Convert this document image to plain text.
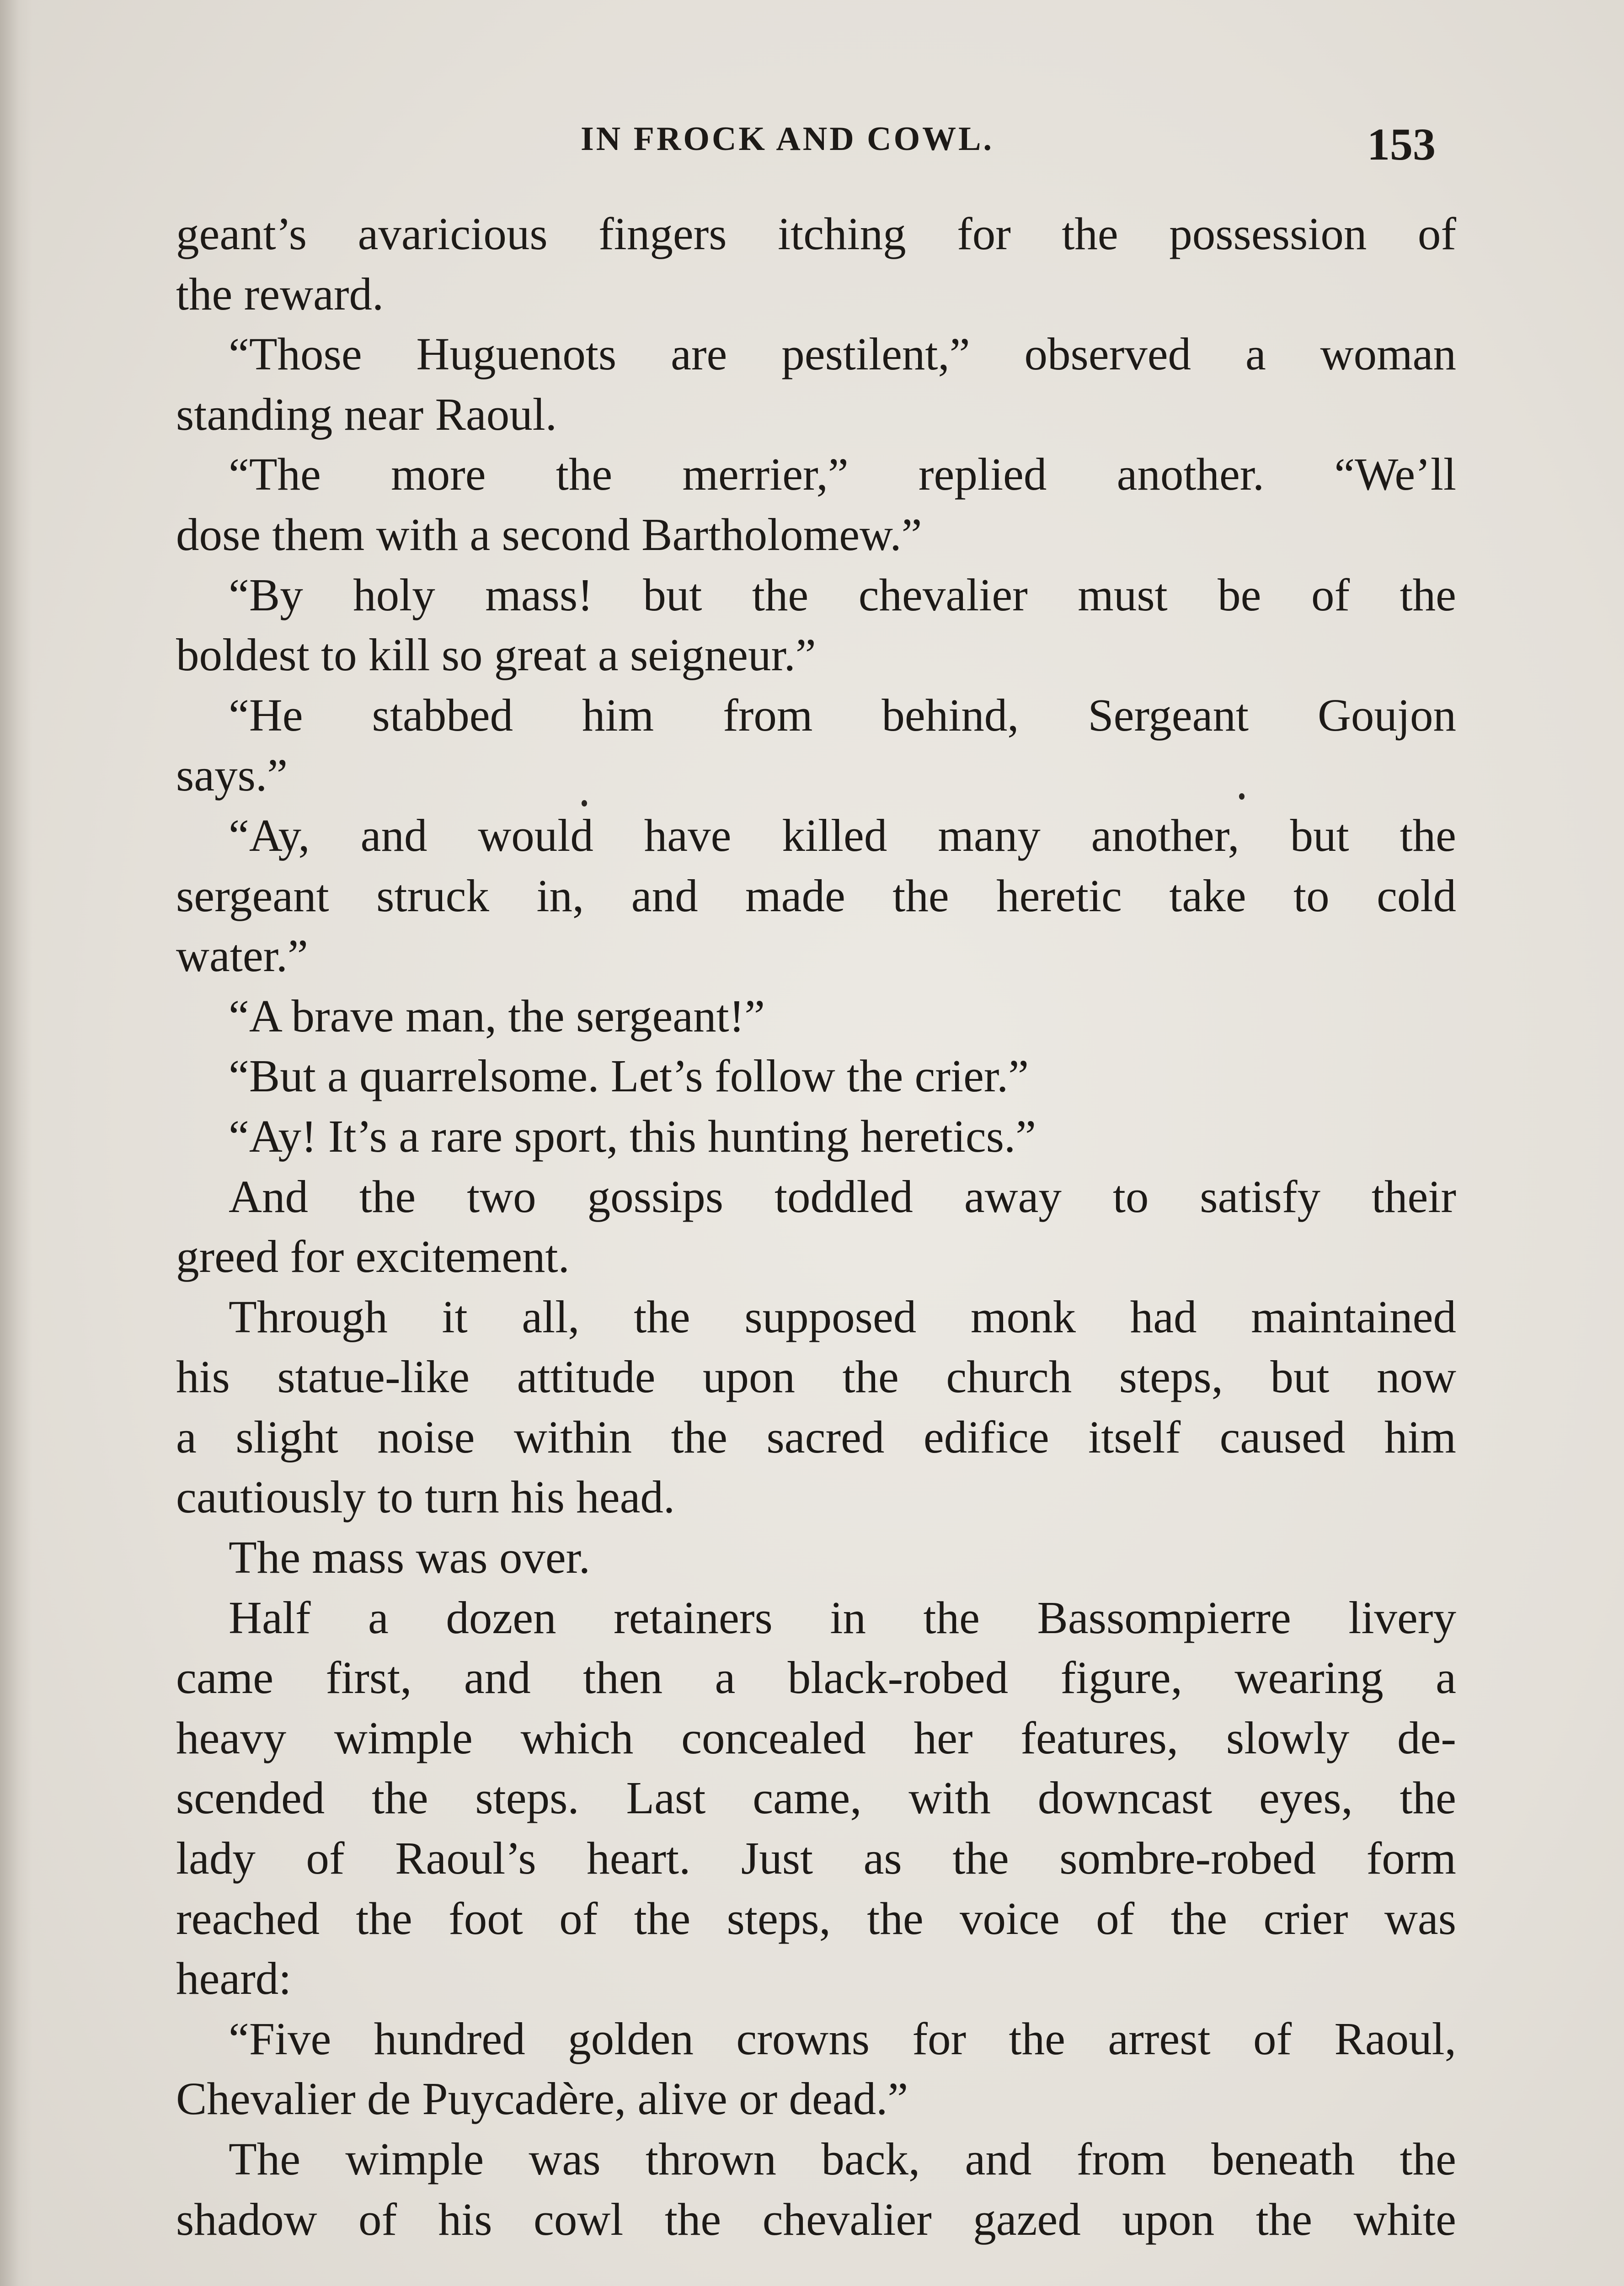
IN FROCK AND COWL.	153
geant’s avaricious fingers itching for the possession of
the reward.
“Those Huguenots are pestilent,” observed a woman
standing near Raoul.
“The more the merrier,” replied another. “We’ll
dose them with a second Bartholomew.”
“By holy mass! but the chevalier must be of the
boldest to kill so great a seigneur.”
“He stabbed him from behind, Sergeant Goujon
says.”
“Ay, and would have killed many another, but the
sergeant struck in, and made the heretic take to cold
water.”
“A brave man, the sergeant!”
“But a quarrelsome. Let’s follow the crier.”
“Ay! It’s a rare sport, this hunting heretics.”
And the two gossips toddled away to satisfy their
greed for excitement.
Through it all, the supposed monk had maintained
his statue-like attitude upon the church steps, but now
a slight noise within the sacred edifice itself caused him
cautiously to turn his head.
The mass was over.
Half a dozen retainers in the Bassompierre livery
came first, and then a black-robed figure, wearing a
heavy wimple which concealed her features, slowly de-
scended the steps. Last came, with downcast eyes, the
lady of Raoul’s heart. Just as the sombre-robed form
reached the foot of the steps, the voice of the crier was
heard:
“Five hundred golden crowns for the arrest of Raoul,
Chevalier de Puycadère, alive or dead.”
The wimple was thrown back, and from beneath the
shadow of his cowl the chevalier gazed upon the white
